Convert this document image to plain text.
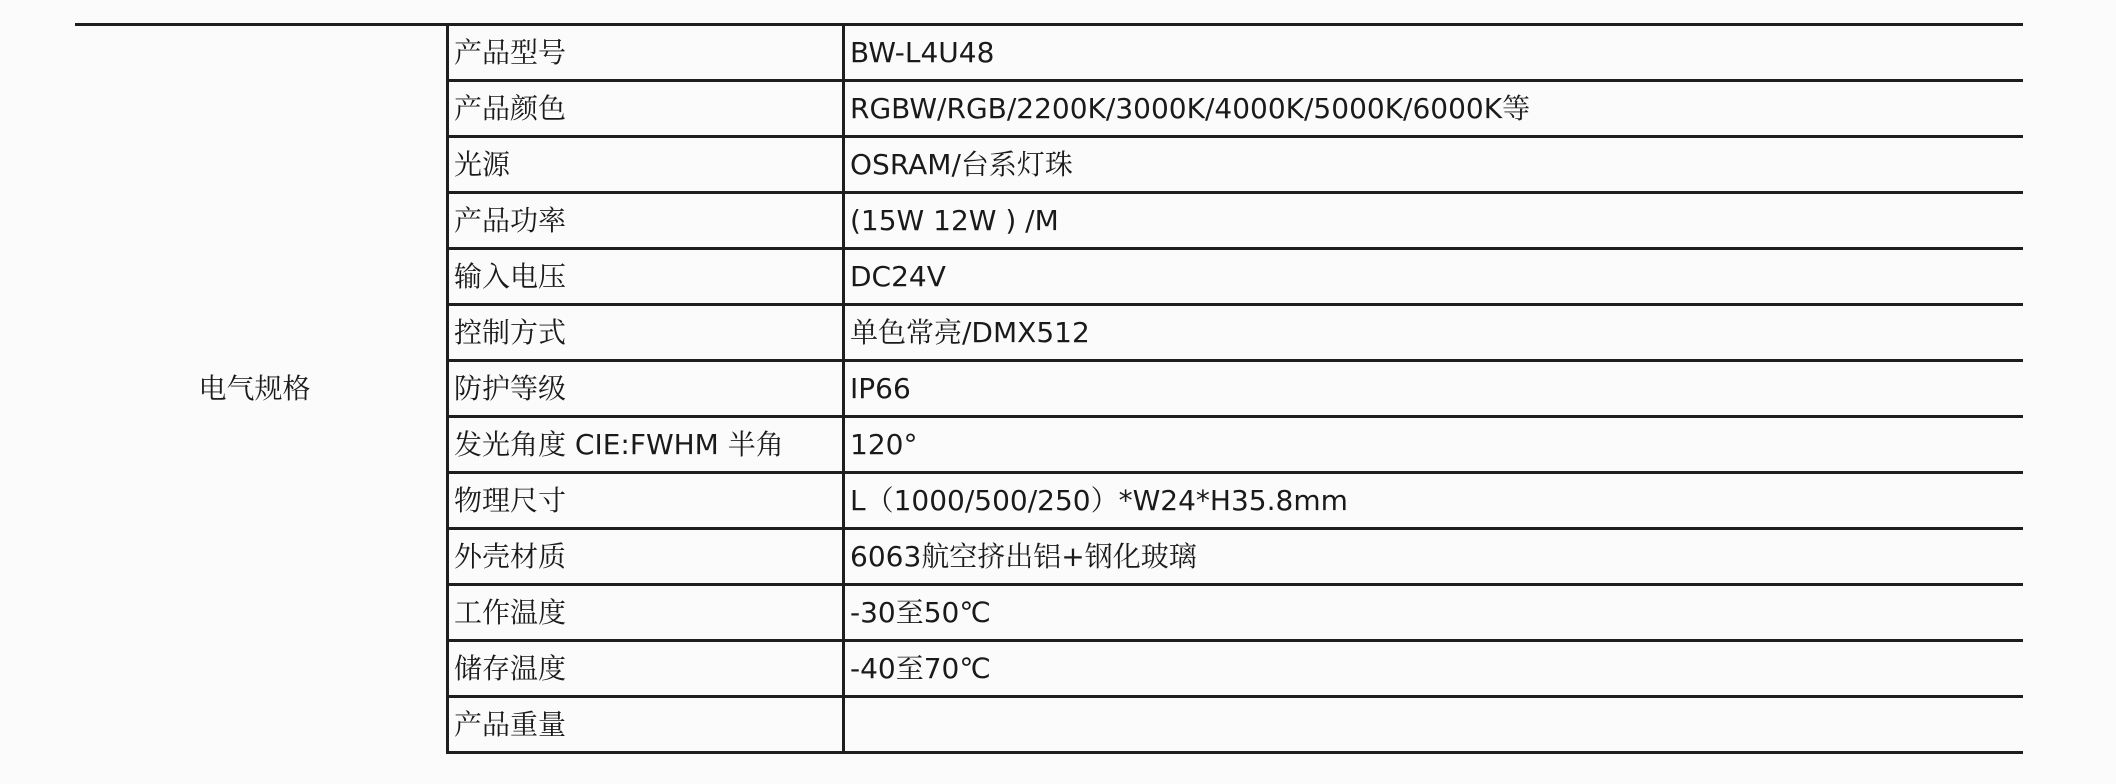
电气规格	产品型号	BW-L4U48
	产品颜色	RGBW/RGB/2200K/3000K/4000K/5000K/6000K等
	光源	OSRAM/台系灯珠
	产品功率	(15W 12W ) /M
	输入电压	DC24V
	控制方式	单色常亮/DMX512
	防护等级	IP66
	发光角度 CIE:FWHM 半角	120°
	物理尺寸	L（1000/500/250）*W24*H35.8mm
	外壳材质	6063航空挤出铝+钢化玻璃
	工作温度	-30至50℃
	储存温度	-40至70℃
	产品重量	
